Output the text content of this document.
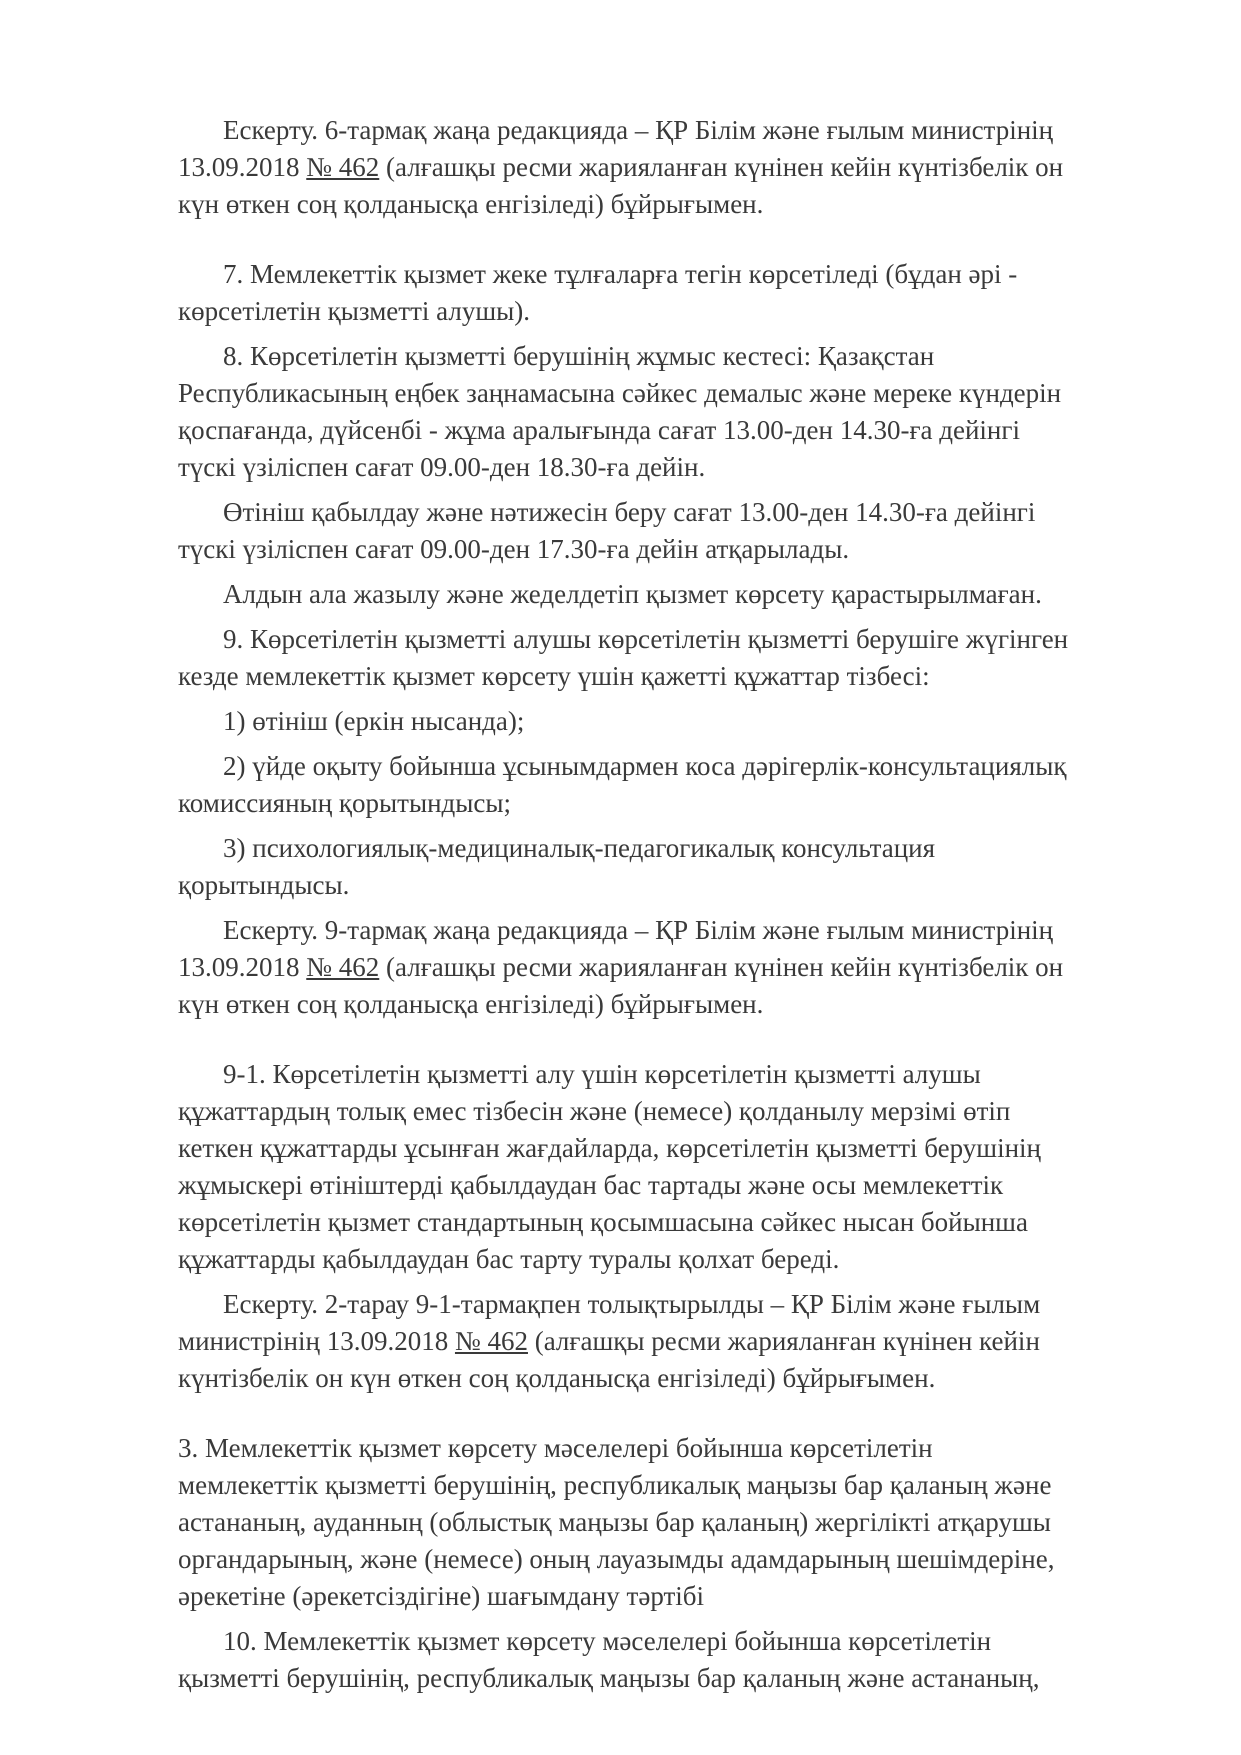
Ескерту. 6-тармақ жаңа редакцияда – ҚР Білім және ғылым министрінің
13.09.2018 № 462 (алғашқы ресми жарияланған күнінен кейін күнтізбелік он
күн өткен соң қолданысқа енгізіледі) бұйрығымен.
7. Мемлекеттік қызмет жеке тұлғаларға тегін көрсетіледі (бұдан әрі -
көрсетілетін қызметті алушы).
8. Көрсетілетін қызметті берушінің жұмыс кестесі: Қазақстан
Республикасының еңбек заңнамасына сәйкес демалыс және мереке күндерін
қоспағанда, дүйсенбі - жұма аралығында сағат 13.00-ден 14.30-ға дейінгі
түскі үзіліспен сағат 09.00-ден 18.30-ға дейін.
Өтініш қабылдау және нәтижесін беру сағат 13.00-ден 14.30-ға дейінгі
түскі үзіліспен сағат 09.00-ден 17.30-ға дейін атқарылады.
Алдын ала жазылу және жеделдетіп қызмет көрсету қарастырылмаған.
9. Көрсетілетін қызметті алушы көрсетілетін қызметті берушіге жүгінген
кезде мемлекеттік қызмет көрсету үшін қажетті құжаттар тізбесі:
1) өтініш (еркін нысанда);
2) үйде оқыту бойынша ұсынымдармен коса дәрігерлік-консультациялық
комиссияның қорытындысы;
3) психологиялық-медициналық-педагогикалық консультация
қорытындысы.
Ескерту. 9-тармақ жаңа редакцияда – ҚР Білім және ғылым министрінің
13.09.2018 № 462 (алғашқы ресми жарияланған күнінен кейін күнтізбелік он
күн өткен соң қолданысқа енгізіледі) бұйрығымен.
9-1. Көрсетілетін қызметті алу үшін көрсетілетін қызметті алушы
құжаттардың толық емес тізбесін және (немесе) қолданылу мерзімі өтіп
кеткен құжаттарды ұсынған жағдайларда, көрсетілетін қызметті берушінің
жұмыскері өтініштерді қабылдаудан бас тартады және осы мемлекеттік
көрсетілетін қызмет стандартының қосымшасына сәйкес нысан бойынша
құжаттарды қабылдаудан бас тарту туралы қолхат береді.
Ескерту. 2-тарау 9-1-тармақпен толықтырылды – ҚР Білім және ғылым
министрінің 13.09.2018 № 462 (алғашқы ресми жарияланған күнінен кейін
күнтізбелік он күн өткен соң қолданысқа енгізіледі) бұйрығымен.
3. Мемлекеттік қызмет көрсету мәселелері бойынша көрсетілетін
мемлекеттік қызметті берушінің, республикалық маңызы бар қаланың және
астананың, ауданның (облыстық маңызы бар қаланың) жергілікті атқарушы
органдарының, және (немесе) оның лауазымды адамдарының шешімдеріне,
әрекетіне (әрекетсіздігіне) шағымдану тәртібі
10. Мемлекеттік қызмет көрсету мәселелері бойынша көрсетілетін
қызметті берушінің, республикалық маңызы бар қаланың және астананың,
